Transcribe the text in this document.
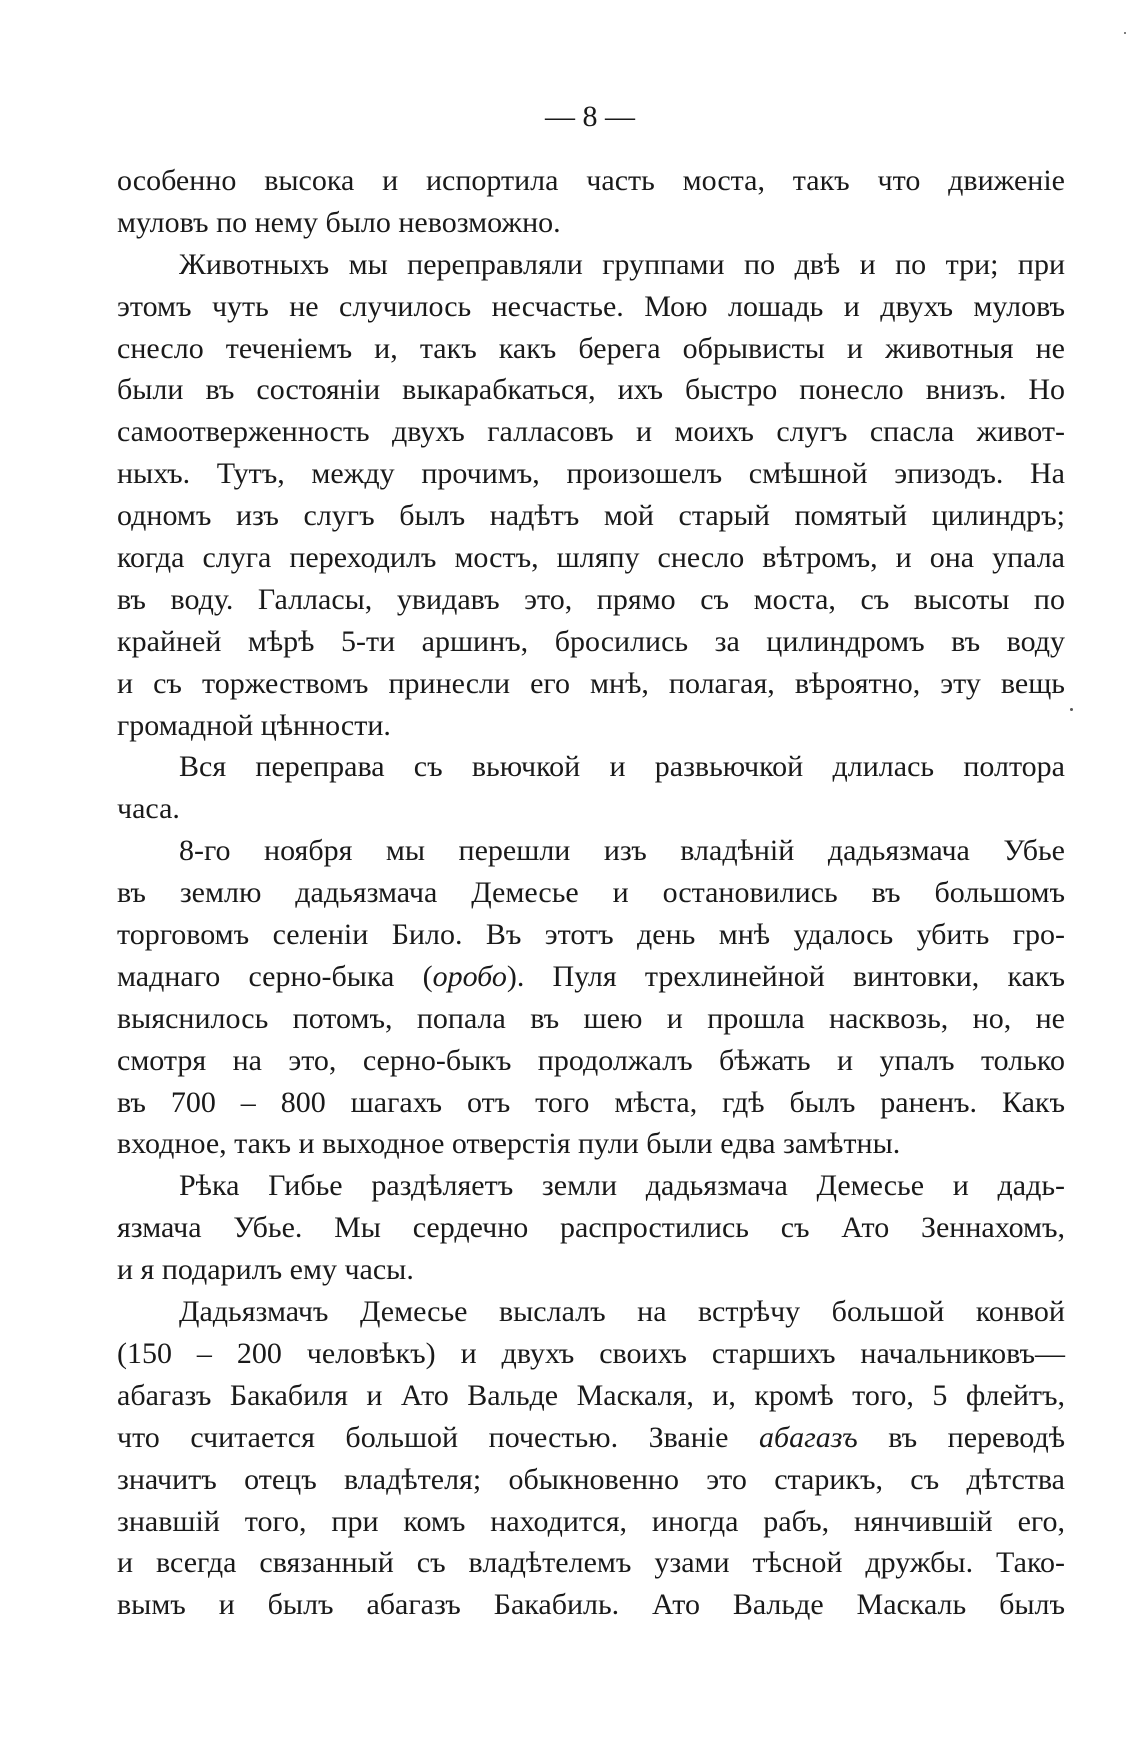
— 8 —
особенно высока и испортила часть моста, такъ что движеніе
муловъ по нему было невозможно.
Животныхъ мы переправляли группами по двѣ и по три; при
этомъ чуть не случилось несчастье. Мою лошадь и двухъ муловъ
снесло теченіемъ и, такъ какъ берега обрывисты и животныя не
были въ состояніи выкарабкаться, ихъ быстро понесло внизъ. Но
самоотверженность двухъ галласовъ и моихъ слугъ спасла живот-
ныхъ. Тутъ, между прочимъ, произошелъ смѣшной эпизодъ. На
одномъ изъ слугъ былъ надѣтъ мой старый помятый цилиндръ;
когда слуга переходилъ мостъ, шляпу снесло вѣтромъ, и она упала
въ воду. Галласы, увидавъ это, прямо съ моста, съ высоты по
крайней мѣрѣ 5-ти аршинъ, бросились за цилиндромъ въ воду
и съ торжествомъ принесли его мнѣ, полагая, вѣроятно, эту вещь
громадной цѣнности.
Вся переправа съ вьючкой и развьючкой длилась полтора
часа.
8-го ноября мы перешли изъ владѣній дадьязмача Убье
въ землю дадьязмача Демесье и остановились въ большомъ
торговомъ селеніи Било. Въ этотъ день мнѣ удалось убить гро-
маднаго серно-быка (оробо). Пуля трехлинейной винтовки, какъ
выяснилось потомъ, попала въ шею и прошла насквозь, но, не
смотря на это, серно-быкъ продолжалъ бѣжать и упалъ только
въ 700 – 800 шагахъ отъ того мѣста, гдѣ былъ раненъ. Какъ
входное, такъ и выходное отверстія пули были едва замѣтны.
Рѣка Гибье раздѣляетъ земли дадьязмача Демесье и дадь-
язмача Убье. Мы сердечно распростились съ Ато Зеннахомъ,
и я подарилъ ему часы.
Дадьязмачъ Демесье выслалъ на встрѣчу большой конвой
(150 – 200 человѣкъ) и двухъ своихъ старшихъ начальниковъ—
абагазъ Бакабиля и Ато Вальде Маскаля, и, кромѣ того, 5 флейтъ,
что считается большой почестью. Званіе абагазъ въ переводѣ
значитъ отецъ владѣтеля; обыкновенно это старикъ, съ дѣтства
знавшій того, при комъ находится, иногда рабъ, нянчившій его,
и всегда связанный съ владѣтелемъ узами тѣсной дружбы. Тако-
вымъ и былъ абагазъ Бакабиль. Ато Вальде Маскаль былъ
